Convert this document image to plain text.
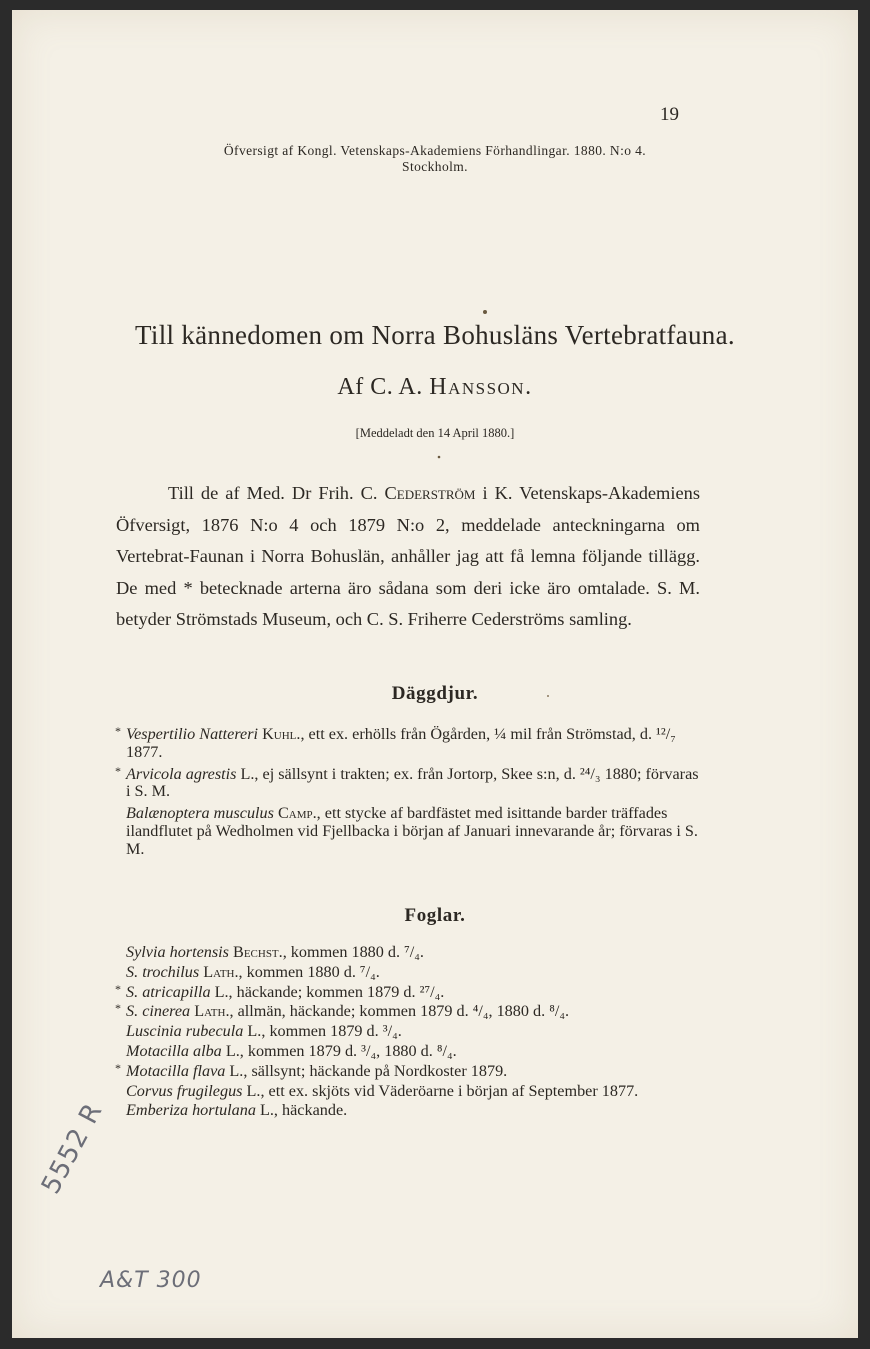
19
Öfversigt af Kongl. Vetenskaps-Akademiens Förhandlingar. 1880. N:o 4.
Stockholm.
Till kännedomen om Norra Bohusläns Vertebratfauna.
Af C. A. Hansson.
[Meddeladt den 14 April 1880.]

Till de af Med. Dr Frih. C. Cederström i K. Vetenskaps-Akademiens Öfversigt, 1876 N:o 4 och 1879 N:o 2, meddelade anteckningarna om Vertebrat-Faunan i Norra Bohuslän, anhåller jag att få lemna följande tillägg. De med * betecknade arterna äro sådana som deri icke äro omtalade. S. M. betyder Strömstads Museum, och C. S. Friherre Cederströms samling.

Däggdjur.
* Vespertilio Nattereri Kuhl., ett ex. erhölls från Ögården, ¼ mil från Strömstad, d. ¹²/₇ 1877.
* Arvicola agrestis L., ej sällsynt i trakten; ex. från Jortorp, Skee s:n, d. ²⁴/₃ 1880; förvaras i S. M.
Balænoptera musculus Camp., ett stycke af bardfästet med isittande barder träffades ilandflutet på Wedholmen vid Fjellbacka i början af Januari innevarande år; förvaras i S. M.
Foglar.
Sylvia hortensis Bechst., kommen 1880 d. ⁷/₄.
S. trochilus Lath., kommen 1880 d. ⁷/₄.
* S. atricapilla L., häckande; kommen 1879 d. ²⁷/₄.
* S. cinerea Lath., allmän, häckande; kommen 1879 d. ⁴/₄, 1880 d. ⁸/₄.
Luscinia rubecula L., kommen 1879 d. ³/₄.
Motacilla alba L., kommen 1879 d. ³/₄, 1880 d. ⁸/₄.
* Motacilla flava L., sällsynt; häckande på Nordkoster 1879.
Corvus frugilegus L., ett ex. skjöts vid Väderöarne i början af September 1877.
Emberiza hortulana L., häckande.
5552 R
A&T 300
